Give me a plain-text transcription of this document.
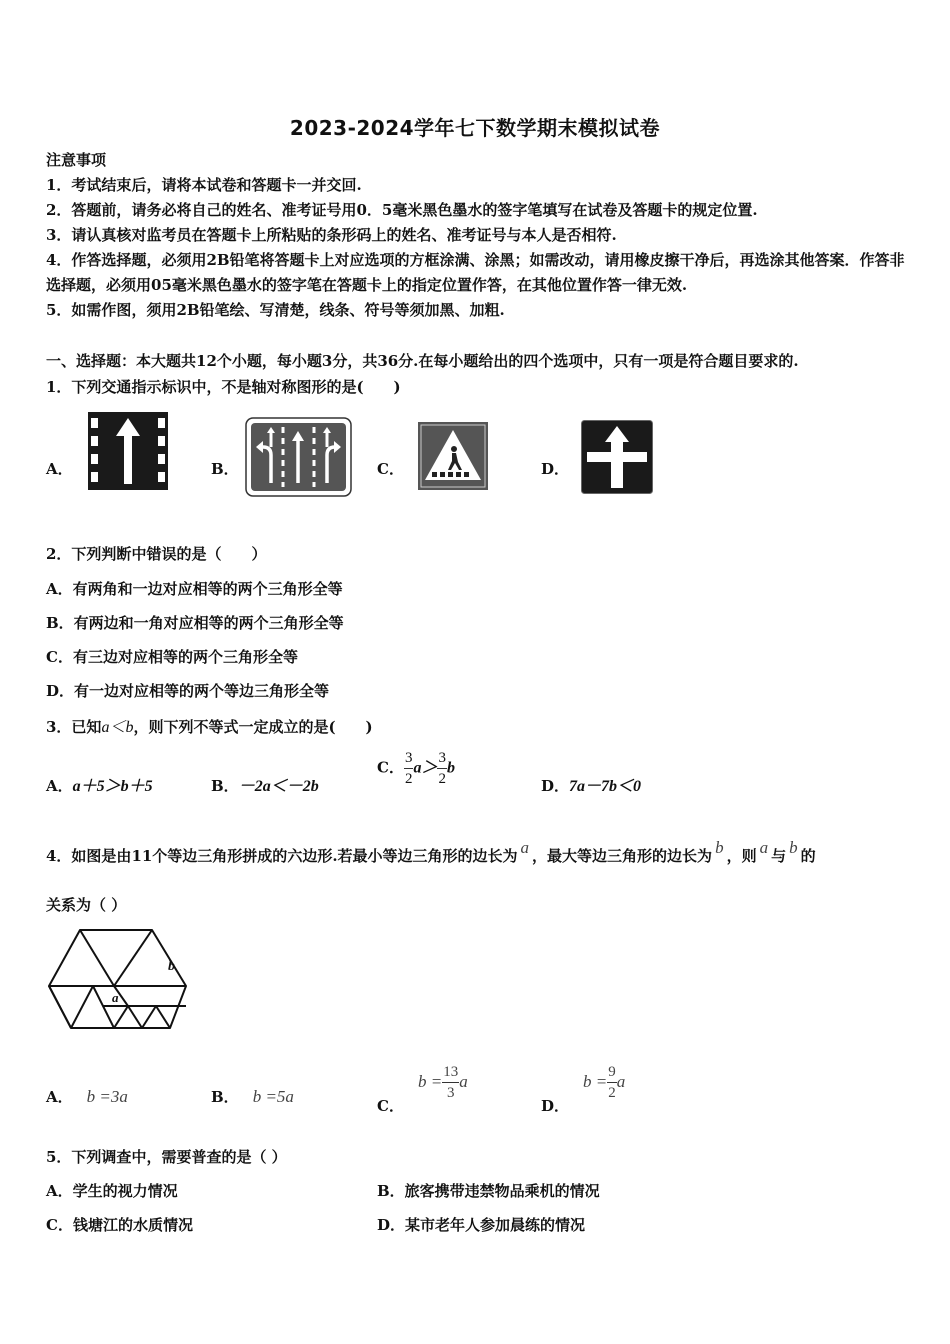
2023-2024学年七下数学期末模拟试卷

注意事项

1．考试结束后，请将本试卷和答题卡一并交回.

2．答题前，请务必将自己的姓名、准考证号用0．5毫米黑色墨水的签字笔填写在试卷及答题卡的规定位置.

3．请认真核对监考员在答题卡上所粘贴的条形码上的姓名、准考证号与本人是否相符.

4．作答选择题，必须用2B铅笔将答题卡上对应选项的方框涂满、涂黑；如需改动，请用橡皮擦干净后，再选涂其他答案．作答非选择题，必须用05毫米黑色墨水的签字笔在答题卡上的指定位置作答，在其他位置作答一律无效.

5．如需作图，须用2B铅笔绘、写清楚，线条、符号等须加黑、加粗.

一、选择题：本大题共12个小题，每小题3分，共36分.在每小题给出的四个选项中，只有一项是符合题目要求的.
1．下列交通指示标识中，不是轴对称图形的是(　　)
A．	B．	C．	D．
2．下列判断中错误的是（　　）
A．有两角和一边对应相等的两个三角形全等
B．有两边和一角对应相等的两个三角形全等
C．有三边对应相等的两个三角形全等
D．有一边对应相等的两个等边三角形全等
3．已知a＜b，则下列不等式一定成立的是(　　)
A．a＋5＞b＋5	B．－2a＜－2b
C． $\frac{3}{2} a> \frac{3}{2}$ b
D．7a－7b＜0
4．如图是由11个等边三角形拼成的六边形.若最小等边三角形的边长为 a ，最大等边三角形的边长为 b ，则 a 与 b 的
关系为（ ）
b
a
A． b =3a	B． b =5a	C．$b = \frac{13}{3}$ a
D．$b = \frac{9}{2}$ a
5．下列调查中，需要普查的是（ ）
A．学生的视力情况	B．旅客携带违禁物品乘机的情况
C．钱塘江的水质情况	D．某市老年人参加晨练的情况
